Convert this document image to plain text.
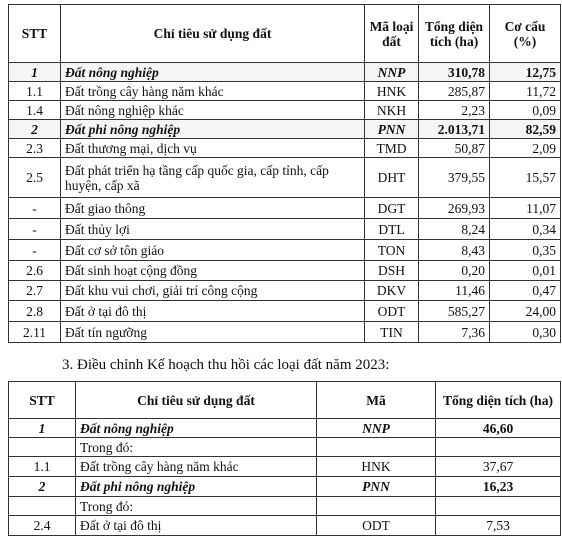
STT	Chỉ tiêu sử dụng đất	Mã loại đất	Tổng diện tích (ha)	Cơ cấu (%)
1	Đất nông nghiệp	NNP	310,78	12,75
1.1	Đất trồng cây hàng năm khác	HNK	285,87	11,72
1.4	Đất nông nghiệp khác	NKH	2,23	0,09
2	Đất phi nông nghiệp	PNN	2.013,71	82,59
2.3	Đất thương mại, dịch vụ	TMD	50,87	2,09
2.5	Đất phát triển hạ tầng cấp quốc gia, cấp tỉnh, cấp huyện, cấp xã	DHT	379,55	15,57
-	Đất giao thông	DGT	269,93	11,07
-	Đất thủy lợi	DTL	8,24	0,34
-	Đất cơ sở tôn giáo	TON	8,43	0,35
2.6	Đất sinh hoạt cộng đồng	DSH	0,20	0,01
2.7	Đất khu vui chơi, giải trí công cộng	DKV	11,46	0,47
2.8	Đất ở tại đô thị	ODT	585,27	24,00
2.11	Đất tín ngưỡng	TIN	7,36	0,30
3. Điều chỉnh Kế hoạch thu hồi các loại đất năm 2023:
STT	Chỉ tiêu sử dụng đất	Mã	Tổng diện tích (ha)
1	Đất nông nghiệp	NNP	46,60
	Trong đó:		
1.1	Đất trồng cây hàng năm khác	HNK	37,67
2	Đất phi nông nghiệp	PNN	16,23
	Trong đó:		
2.4	Đất ở tại đô thị	ODT	7,53
